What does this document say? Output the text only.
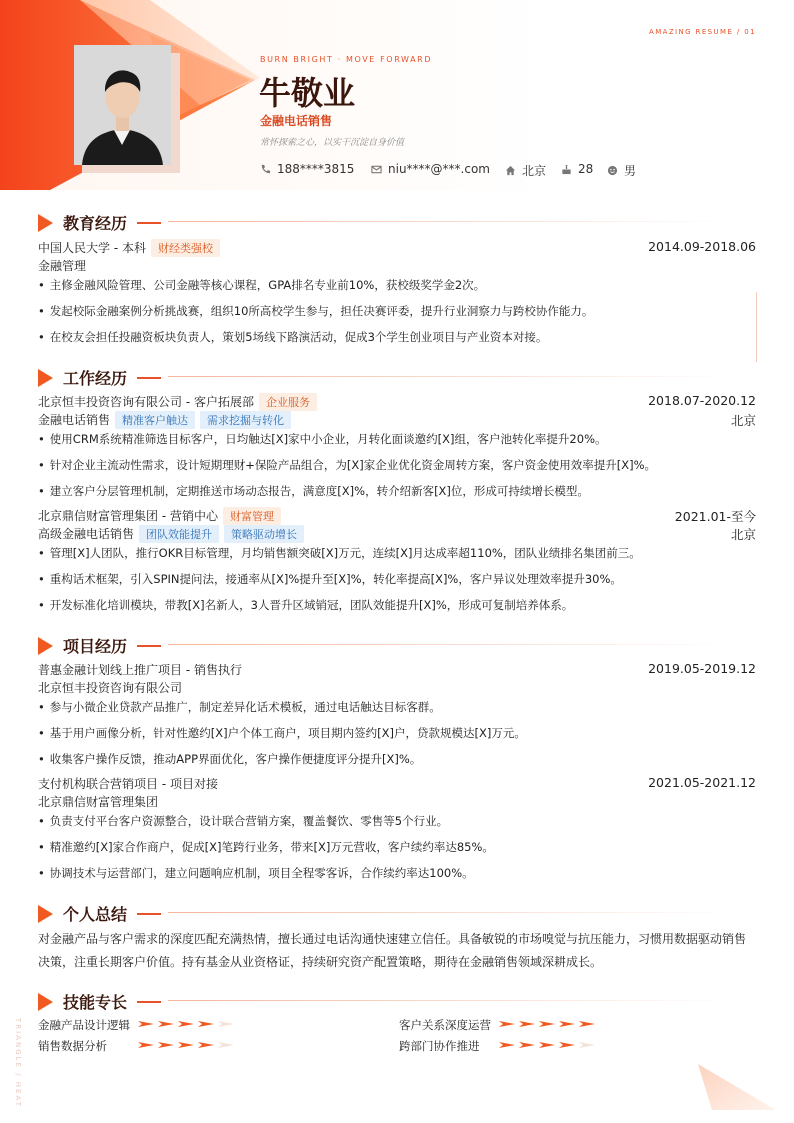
AMAZING RESUME / 01
BURN BRIGHT · MOVE FORWARD
牛敬业
金融电话销售
常怀探索之心，以实干沉淀自身价值
188****3815	niu****@***.com	北京	28	男
教育经历
中国人民大学 - 本科 财经类强校	2014.09-2018.06
金融管理
• 主修金融风险管理、公司金融等核心课程，GPA排名专业前10%，获校级奖学金2次。
• 发起校际金融案例分析挑战赛，组织10所高校学生参与，担任决赛评委，提升行业洞察力与跨校协作能力。
• 在校友会担任投融资板块负责人，策划5场线下路演活动，促成3个学生创业项目与产业资本对接。
工作经历
北京恒丰投资咨询有限公司 - 客户拓展部 企业服务	2018.07-2020.12
金融电话销售 精准客户触达 需求挖掘与转化	北京
• 使用CRM系统精准筛选目标客户，日均触达[X]家中小企业，月转化面谈邀约[X]组，客户池转化率提升20%。
• 针对企业主流动性需求，设计短期理财+保险产品组合，为[X]家企业优化资金周转方案，客户资金使用效率提升[X]%。
• 建立客户分层管理机制，定期推送市场动态报告，满意度[X]%，转介绍新客[X]位，形成可持续增长模型。
北京鼎信财富管理集团 - 营销中心 财富管理	2021.01-至今
高级金融电话销售 团队效能提升 策略驱动增长	北京
• 管理[X]人团队，推行OKR目标管理，月均销售额突破[X]万元，连续[X]月达成率超110%，团队业绩排名集团前三。
• 重构话术框架，引入SPIN提问法，接通率从[X]%提升至[X]%，转化率提高[X]%，客户异议处理效率提升30%。
• 开发标准化培训模块，带教[X]名新人，3人晋升区域销冠，团队效能提升[X]%，形成可复制培养体系。
项目经历
普惠金融计划线上推广项目 - 销售执行	2019.05-2019.12
北京恒丰投资咨询有限公司
• 参与小微企业贷款产品推广，制定差异化话术模板，通过电话触达目标客群。
• 基于用户画像分析，针对性邀约[X]户个体工商户，项目期内签约[X]户，贷款规模达[X]万元。
• 收集客户操作反馈，推动APP界面优化，客户操作便捷度评分提升[X]%。
支付机构联合营销项目 - 项目对接	2021.05-2021.12
北京鼎信财富管理集团
• 负责支付平台客户资源整合，设计联合营销方案，覆盖餐饮、零售等5个行业。
• 精准邀约[X]家合作商户，促成[X]笔跨行业务，带来[X]万元营收，客户续约率达85%。
• 协调技术与运营部门，建立问题响应机制，项目全程零客诉，合作续约率达100%。
个人总结
对金融产品与客户需求的深度匹配充满热情，擅长通过电话沟通快速建立信任。具备敏锐的市场嗅觉与抗压能力，习惯用数据驱动销售决策，注重长期客户价值。持有基金从业资格证，持续研究资产配置策略，期待在金融销售领域深耕成长。
技能专长
金融产品设计逻辑	客户关系深度运营
销售数据分析	跨部门协作推进
TRIANGLE / HEAT
